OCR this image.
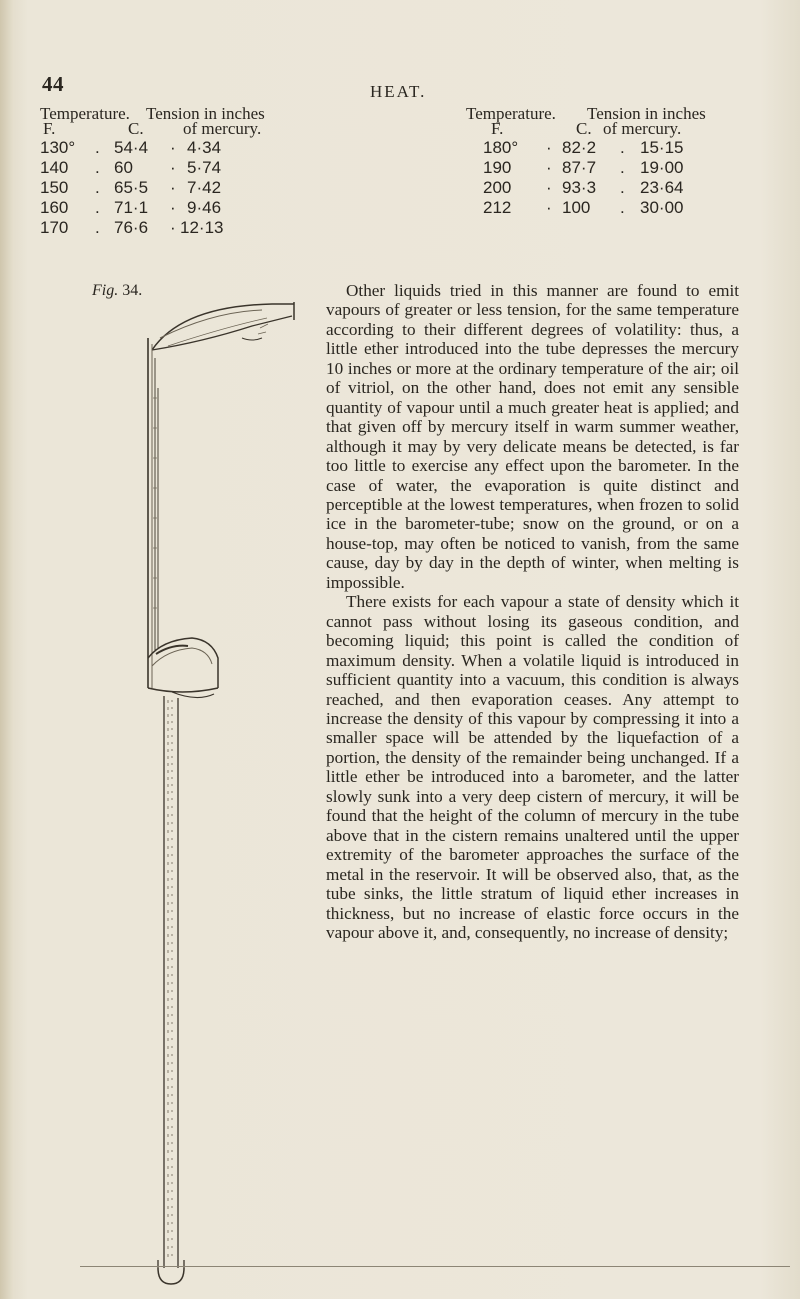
44	HEAT.
Temperature. Tension in inches
F.	C. of mercury.
130° . 54·4 · 4·34
140 . 60 · 5·74
150 . 65·5 · 7·42
160 . 71·1 · 9·46
170 . 76·6 · 12·13
Temperature. Tension in inches
F.	C. of mercury.
180° · 82·2 . 15·15
190 · 87·7 . 19·00
200 · 93·3 . 23·64
212 · 100 . 30·00
Fig. 34.	Other liquids tried in this manner are found to emit vapours of greater or less tension, for the same temperature according to their different degrees of volatility: thus, a little ether introduced into the tube depresses the mercury 10 inches or more at the ordinary temperature of the air; oil of vitriol, on the other hand, does not emit any sensible quantity of vapour until a much greater heat is applied; and that given off by mercury itself in warm summer weather, although it may by very delicate means be detected, is far too little to exercise any effect upon the barometer. In the case of water, the evaporation is quite distinct and perceptible at the lowest temperatures, when frozen to solid ice in the barometer-tube; snow on the ground, or on a house-top, may often be noticed to vanish, from the same cause, day by day in the depth of winter, when melting is impossible.

There exists for each vapour a state of density which it cannot pass without losing its gaseous condition, and becoming liquid; this point is called the condition of maximum density. When a volatile liquid is introduced in sufficient quantity into a vacuum, this condition is always reached, and then evaporation ceases. Any attempt to increase the density of this vapour by compressing it into a smaller space will be attended by the liquefaction of a portion, the density of the remainder being unchanged. If a little ether be introduced into a barometer, and the latter slowly sunk into a very deep cistern of mercury, it will be found that the height of the column of mercury in the tube above that in the cistern remains unaltered until the upper extremity of the barometer approaches the surface of the metal in the reservoir. It will be observed also, that, as the tube sinks, the little stratum of liquid ether increases in thickness, but no increase of elastic force occurs in the vapour above it, and, consequently, no increase of density;
